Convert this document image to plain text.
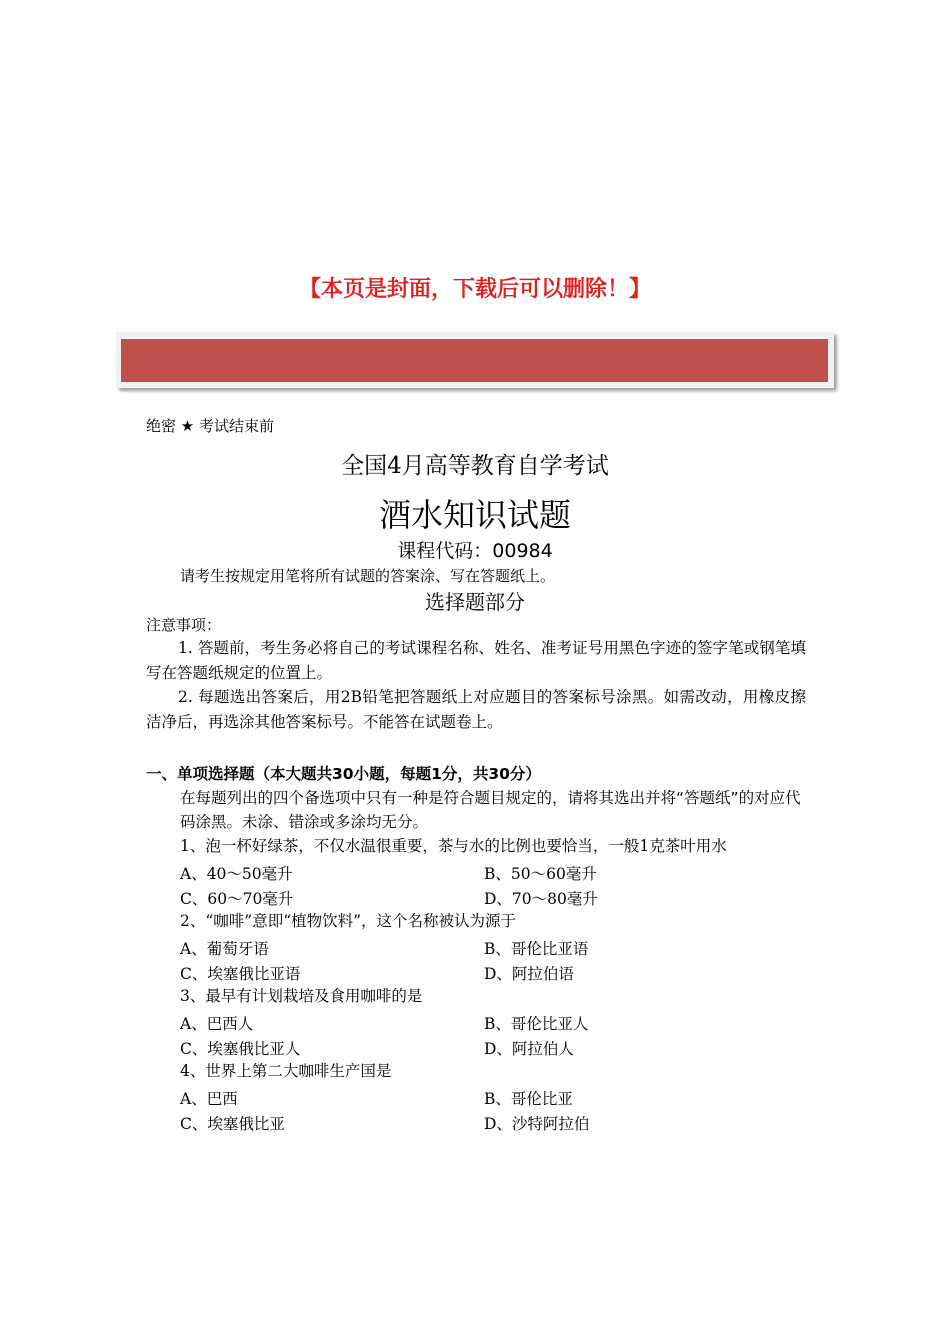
【本页是封面，下载后可以删除！】
绝密 ★ 考试结束前
全国4月高等教育自学考试
酒水知识试题
课程代码：00984
请考生按规定用笔将所有试题的答案涂、写在答题纸上。
选择题部分
注意事项：
1. 答题前，考生务必将自己的考试课程名称、姓名、准考证号用黑色字迹的签字笔或钢笔填写在答题纸规定的位置上。
2. 每题选出答案后，用2B铅笔把答题纸上对应题目的答案标号涂黑。如需改动，用橡皮擦洁净后，再选涂其他答案标号。不能答在试题卷上。
一、单项选择题（本大题共30小题，每题1分，共30分）
在每题列出的四个备选项中只有一种是符合题目规定的，请将其选出并将“答题纸”的对应代码涂黑。未涂、错涂或多涂均无分。
1、泡一杯好绿茶，不仅水温很重要，茶与水的比例也要恰当，一般1克茶叶用水
A、40～50毫升	B、50～60毫升
C、60～70毫升	D、70～80毫升
2、“咖啡”意即“植物饮料”，这个名称被认为源于
A、葡萄牙语	B、哥伦比亚语
C、埃塞俄比亚语	D、阿拉伯语
3、最早有计划栽培及食用咖啡的是
A、巴西人	B、哥伦比亚人
C、埃塞俄比亚人	D、阿拉伯人
4、世界上第二大咖啡生产国是
A、巴西	B、哥伦比亚
C、埃塞俄比亚	D、沙特阿拉伯
